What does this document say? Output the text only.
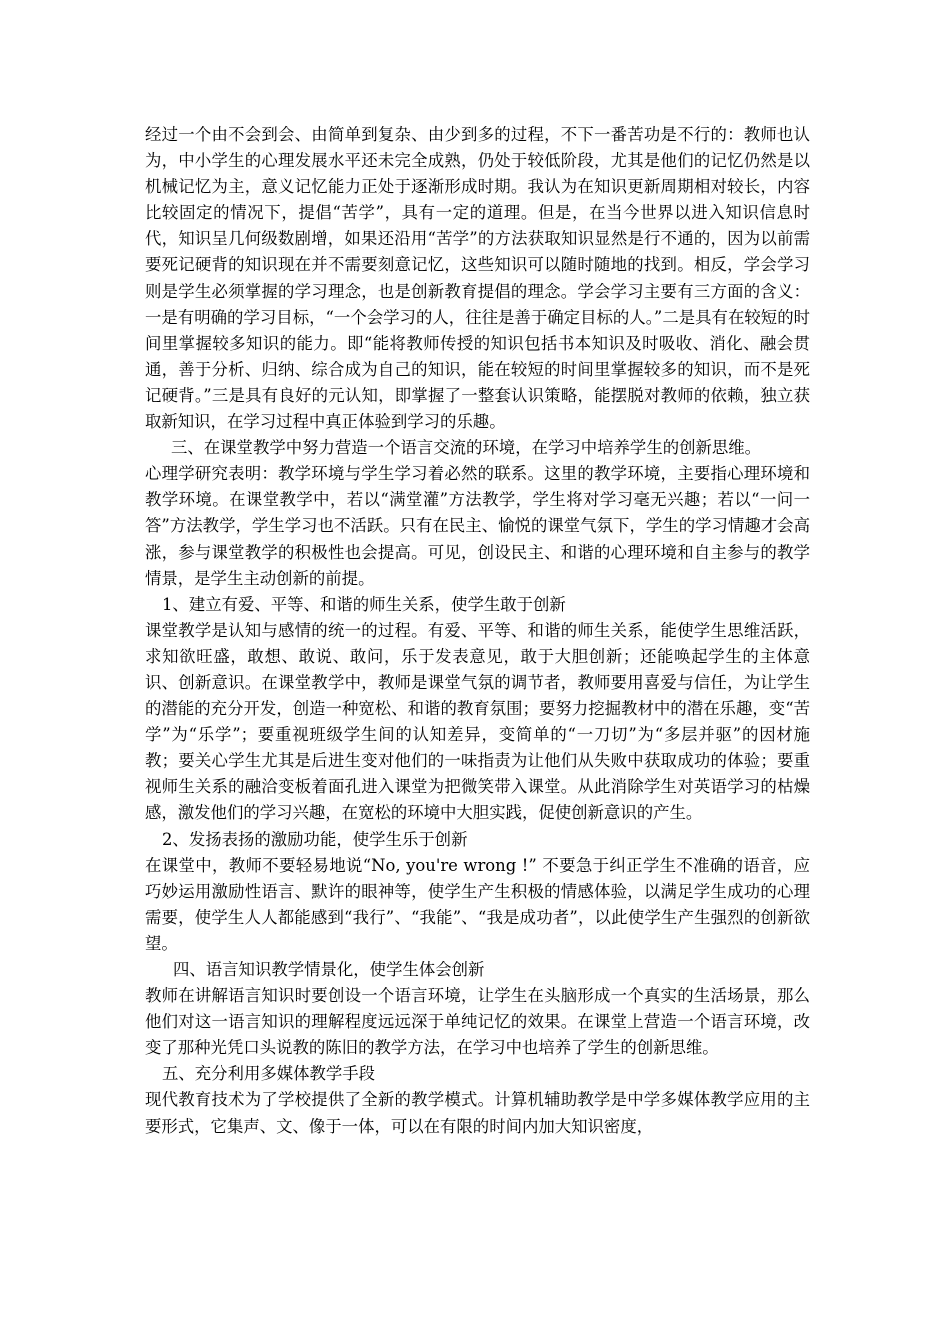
经过一个由不会到会、由简单到复杂、由少到多的过程，不下一番苦功是不行的：教师也认为，中小学生的心理发展水平还未完全成熟，仍处于较低阶段，尤其是他们的记忆仍然是以机械记忆为主，意义记忆能力正处于逐渐形成时期。我认为在知识更新周期相对较长，内容比较固定的情况下，提倡“苦学”，具有一定的道理。但是，在当今世界以进入知识信息时代，知识呈几何级数剧增，如果还沿用“苦学”的方法获取知识显然是行不通的，因为以前需要死记硬背的知识现在并不需要刻意记忆，这些知识可以随时随地的找到。相反，学会学习则是学生必须掌握的学习理念，也是创新教育提倡的理念。学会学习主要有三方面的含义：一是有明确的学习目标，“一个会学习的人，往往是善于确定目标的人。”二是具有在较短的时间里掌握较多知识的能力。即“能将教师传授的知识包括书本知识及时吸收、消化、融会贯通，善于分析、归纳、综合成为自己的知识，能在较短的时间里掌握较多的知识，而不是死记硬背。”三是具有良好的元认知，即掌握了一整套认识策略，能摆脱对教师的依赖，独立获取新知识，在学习过程中真正体验到学习的乐趣。

三、在课堂教学中努力营造一个语言交流的环境，在学习中培养学生的创新思维。

心理学研究表明：教学环境与学生学习着必然的联系。这里的教学环境，主要指心理环境和教学环境。在课堂教学中，若以“满堂灌”方法教学，学生将对学习毫无兴趣；若以“一问一答”方法教学，学生学习也不活跃。只有在民主、愉悦的课堂气氛下，学生的学习情趣才会高涨，参与课堂教学的积极性也会提高。可见，创设民主、和谐的心理环境和自主参与的教学情景，是学生主动创新的前提。

1、建立有爱、平等、和谐的师生关系，使学生敢于创新

课堂教学是认知与感情的统一的过程。有爱、平等、和谐的师生关系，能使学生思维活跃，求知欲旺盛，敢想、敢说、敢问，乐于发表意见，敢于大胆创新；还能唤起学生的主体意识、创新意识。在课堂教学中，教师是课堂气氛的调节者，教师要用喜爱与信任，为让学生的潜能的充分开发，创造一种宽松、和谐的教育氛围；要努力挖掘教材中的潜在乐趣，变“苦学”为“乐学”；要重视班级学生间的认知差异，变简单的“一刀切”为“多层并驱”的因材施教；要关心学生尤其是后进生变对他们的一味指责为让他们从失败中获取成功的体验；要重视师生关系的融洽变板着面孔进入课堂为把微笑带入课堂。从此消除学生对英语学习的枯燥感，激发他们的学习兴趣，在宽松的环境中大胆实践，促使创新意识的产生。

2、发扬表扬的激励功能，使学生乐于创新

在课堂中，教师不要轻易地说“No, you're wrong !” 不要急于纠正学生不准确的语音，应巧妙运用激励性语言、默许的眼神等，使学生产生积极的情感体验，以满足学生成功的心理需要，使学生人人都能感到“我行”、“我能”、“我是成功者”，以此使学生产生强烈的创新欲望。

四、语言知识教学情景化，使学生体会创新

教师在讲解语言知识时要创设一个语言环境，让学生在头脑形成一个真实的生活场景，那么他们对这一语言知识的理解程度远远深于单纯记忆的效果。在课堂上营造一个语言环境，改变了那种光凭口头说教的陈旧的教学方法，在学习中也培养了学生的创新思维。

五、充分利用多媒体教学手段

现代教育技术为了学校提供了全新的教学模式。计算机辅助教学是中学多媒体教学应用的主要形式，它集声、文、像于一体，可以在有限的时间内加大知识密度，
